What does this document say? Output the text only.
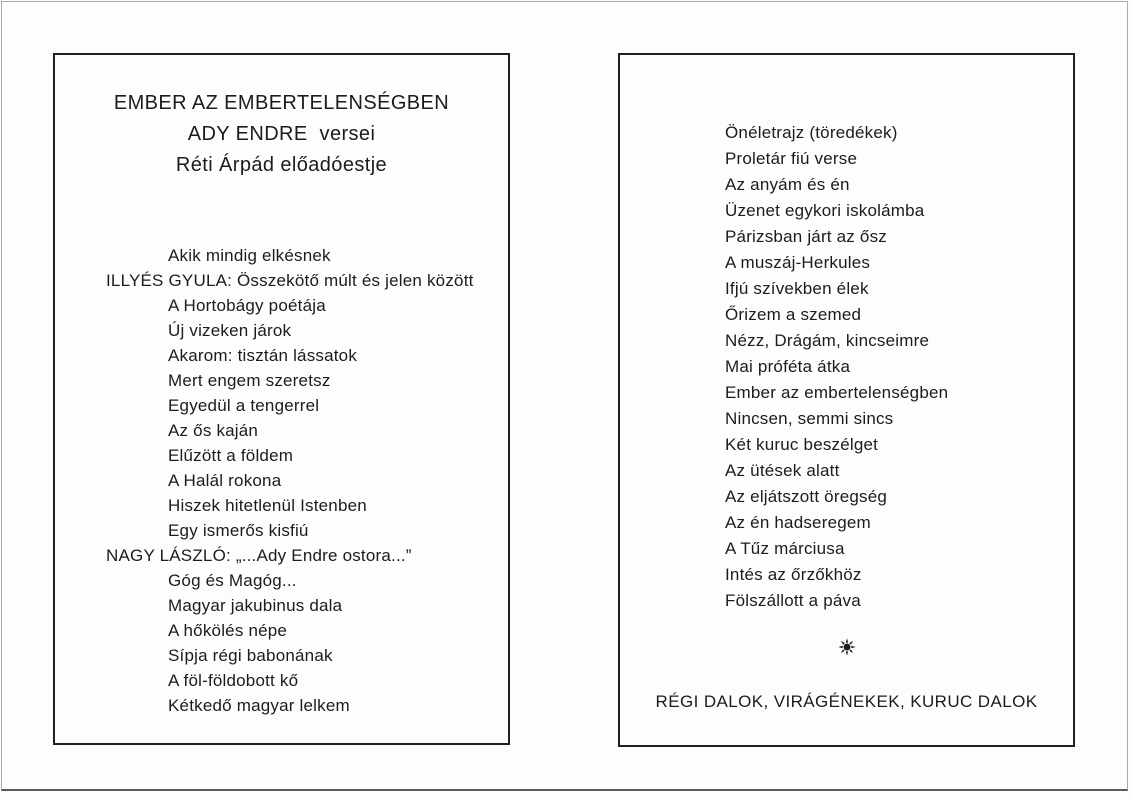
EMBER AZ EMBERTELENSÉGBEN
ADY ENDRE  versei
Réti Árpád előadóestje
Akik mindig elkésnek
ILLYÉS GYULA: Összekötő múlt és jelen között
A Hortobágy poétája
Új vizeken járok
Akarom: tisztán lássatok
Mert engem szeretsz
Egyedül a tengerrel
Az ős kaján
Elűzött a földem
A Halál rokona
Hiszek hitetlenül Istenben
Egy ismerős kisfiú
NAGY LÁSZLÓ: „...Ady Endre ostora...”
Góg és Magóg...
Magyar jakubinus dala
A hőkölés népe
Sípja régi babonának
A föl-földobott kő
Kétkedő magyar lelkem
Önéletrajz (töredékek)
Proletár fiú verse
Az anyám és én
Üzenet egykori iskolámba
Párizsban járt az ősz
A muszáj-Herkules
Ifjú szívekben élek
Őrizem a szemed
Nézz, Drágám, kincseimre
Mai próféta átka
Ember az embertelenségben
Nincsen, semmi sincs
Két kuruc beszélget
Az ütések alatt
Az eljátszott öregség
Az én hadseregem
A Tűz márciusa
Intés az őrzőkhöz
Fölszállott a páva
RÉGI DALOK, VIRÁGÉNEKEK, KURUC DALOK
